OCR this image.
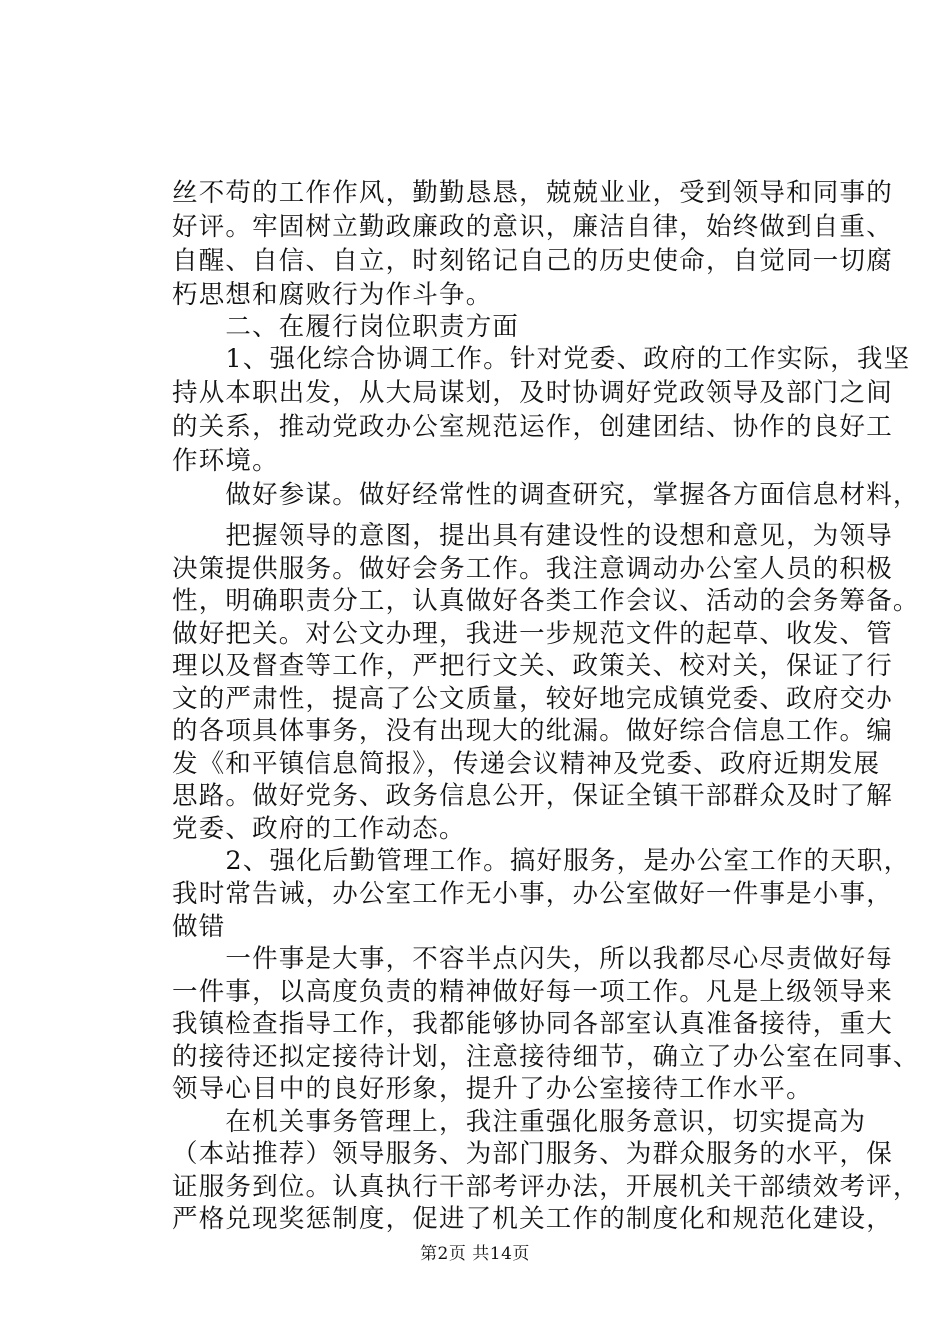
丝不苟的工作作风，勤勤恳恳，兢兢业业，受到领导和同事的
好评。牢固树立勤政廉政的意识，廉洁自律，始终做到自重、
自醒、自信、自立，时刻铭记自己的历史使命，自觉同一切腐
朽思想和腐败行为作斗争。
　　二、在履行岗位职责方面
　　1、强化综合协调工作。针对党委、政府的工作实际，我坚
持从本职出发，从大局谋划，及时协调好党政领导及部门之间
的关系，推动党政办公室规范运作，创建团结、协作的良好工
作环境。
　　做好参谋。做好经常性的调查研究，掌握各方面信息材料，
　　把握领导的意图，提出具有建设性的设想和意见，为领导
决策提供服务。做好会务工作。我注意调动办公室人员的积极
性，明确职责分工，认真做好各类工作会议、活动的会务筹备。
做好把关。对公文办理，我进一步规范文件的起草、收发、管
理以及督查等工作，严把行文关、政策关、校对关，保证了行
文的严肃性，提高了公文质量，较好地完成镇党委、政府交办
的各项具体事务，没有出现大的纰漏。做好综合信息工作。编
发《和平镇信息简报》，传递会议精神及党委、政府近期发展
思路。做好党务、政务信息公开，保证全镇干部群众及时了解
党委、政府的工作动态。
　　2、强化后勤管理工作。搞好服务，是办公室工作的天职，
我时常告诫，办公室工作无小事，办公室做好一件事是小事，
做错
　　一件事是大事，不容半点闪失，所以我都尽心尽责做好每
一件事，以高度负责的精神做好每一项工作。凡是上级领导来
我镇检查指导工作，我都能够协同各部室认真准备接待，重大
的接待还拟定接待计划，注意接待细节，确立了办公室在同事、
领导心目中的良好形象，提升了办公室接待工作水平。
　　在机关事务管理上，我注重强化服务意识，切实提高为
（本站推荐）领导服务、为部门服务、为群众服务的水平，保
证服务到位。认真执行干部考评办法，开展机关干部绩效考评，
严格兑现奖惩制度，促进了机关工作的制度化和规范化建设，
第2页 共14页
